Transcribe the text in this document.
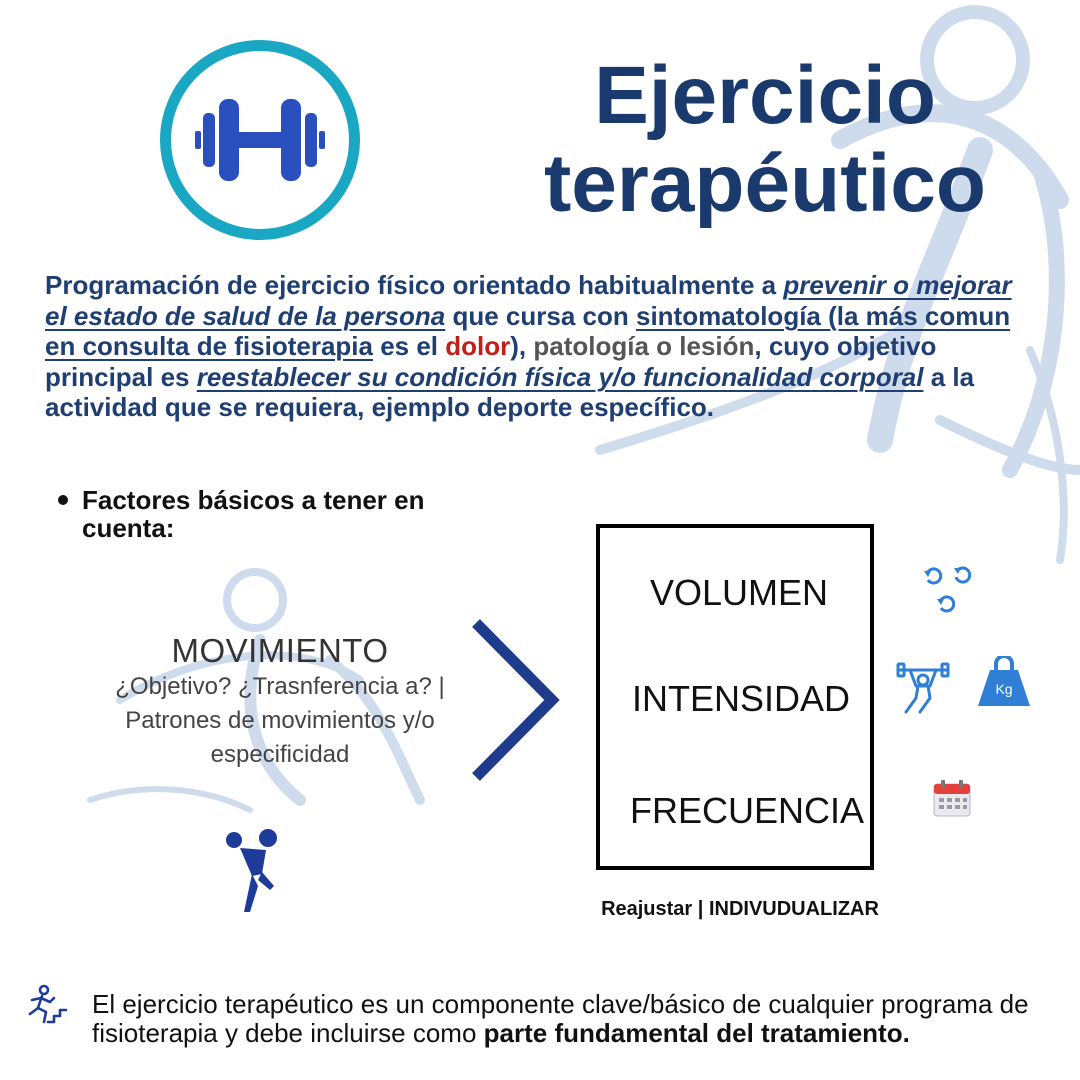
Ejercicio
terapéutico

Programación de ejercicio físico orientado habitualmente a prevenir o mejorar el estado de salud de la persona que cursa con sintomatología (la más comun en consulta de fisioterapia es el dolor), patología o lesión, cuyo objetivo principal es reestablecer su condición física y/o funcionalidad corporal a la actividad que se requiera, ejemplo deporte específico.

Factores básicos a tener en cuenta:
MOVIMIENTO
¿Objetivo? ¿Trasnferencia a? |
Patrones de movimientos y/o
especificidad
VOLUMEN
INTENSIDAD
FRECUENCIA
Kg
Reajustar | INDIVUDUALIZAR
El ejercicio terapéutico es un componente clave/básico de cualquier programa de fisioterapia y debe incluirse como parte fundamental del tratamiento.
